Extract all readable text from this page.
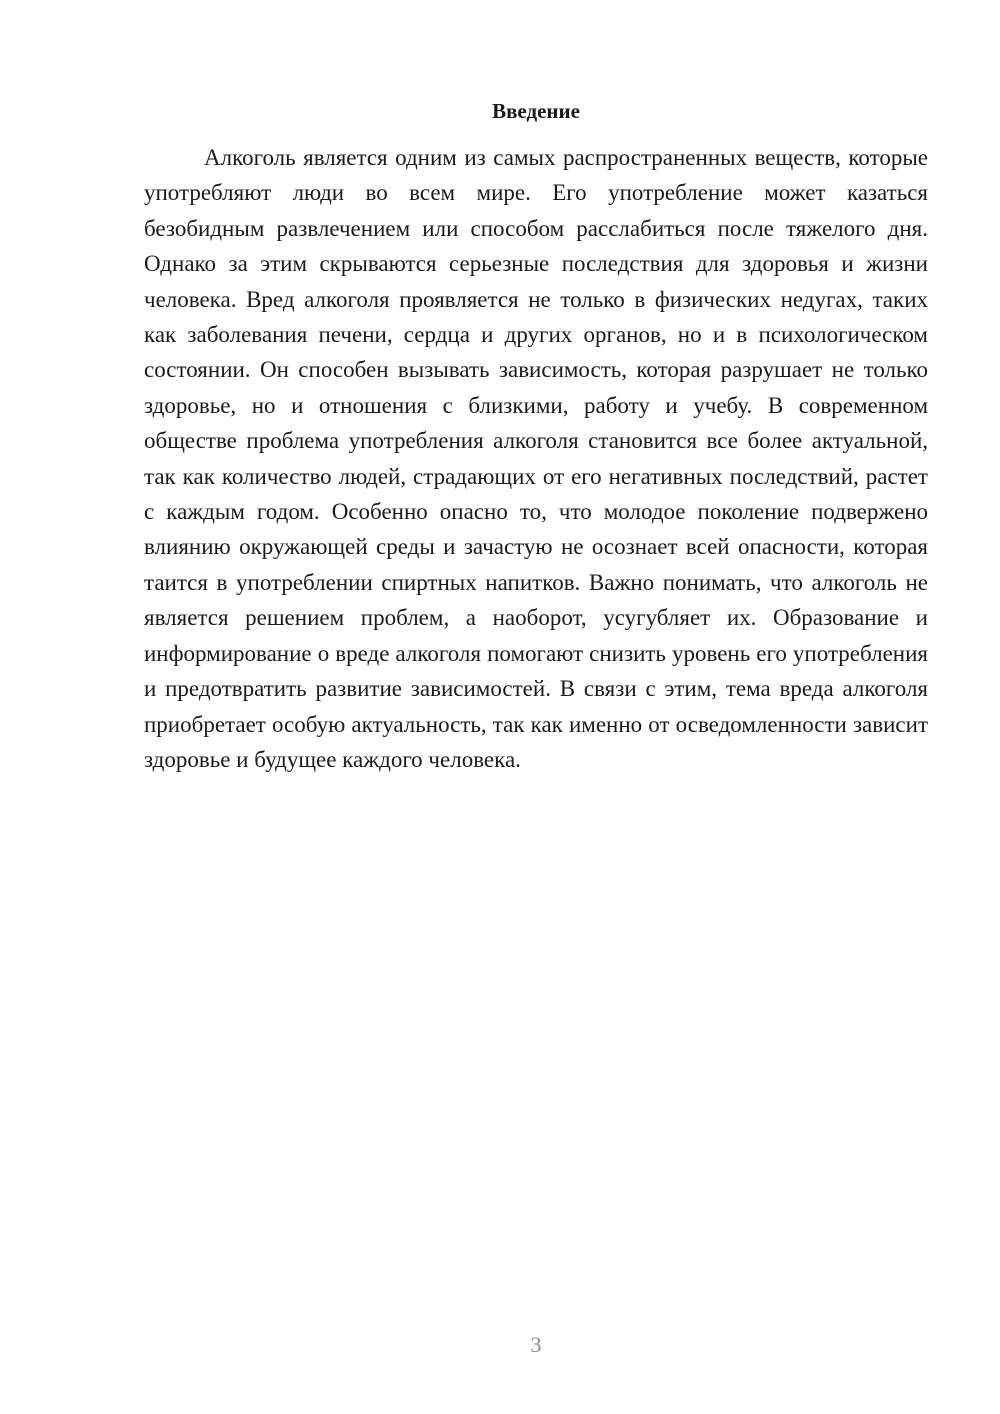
Введение

Алкоголь является одним из самых распространенных веществ, которые употребляют люди во всем мире. Его употребление может казаться безобидным развлечением или способом расслабиться после тяжелого дня. Однако за этим скрываются серьезные последствия для здоровья и жизни человека. Вред алкоголя проявляется не только в физических недугах, таких как заболевания печени, сердца и других органов, но и в психологическом состоянии. Он способен вызывать зависимость, которая разрушает не только здоровье, но и отношения с близкими, работу и учебу. В современном обществе проблема употребления алкоголя становится все более актуальной, так как количество людей, страдающих от его негативных последствий, растет с каждым годом. Особенно опасно то, что молодое поколение подвержено влиянию окружающей среды и зачастую не осознает всей опасности, которая таится в употреблении спиртных напитков. Важно понимать, что алкоголь не является решением проблем, а наоборот, усугубляет их. Образование и информирование о вреде алкоголя помогают снизить уровень его употребления и предотвратить развитие зависимостей. В связи с этим, тема вреда алкоголя приобретает особую актуальность, так как именно от осведомленности зависит здоровье и будущее каждого человека.

3
